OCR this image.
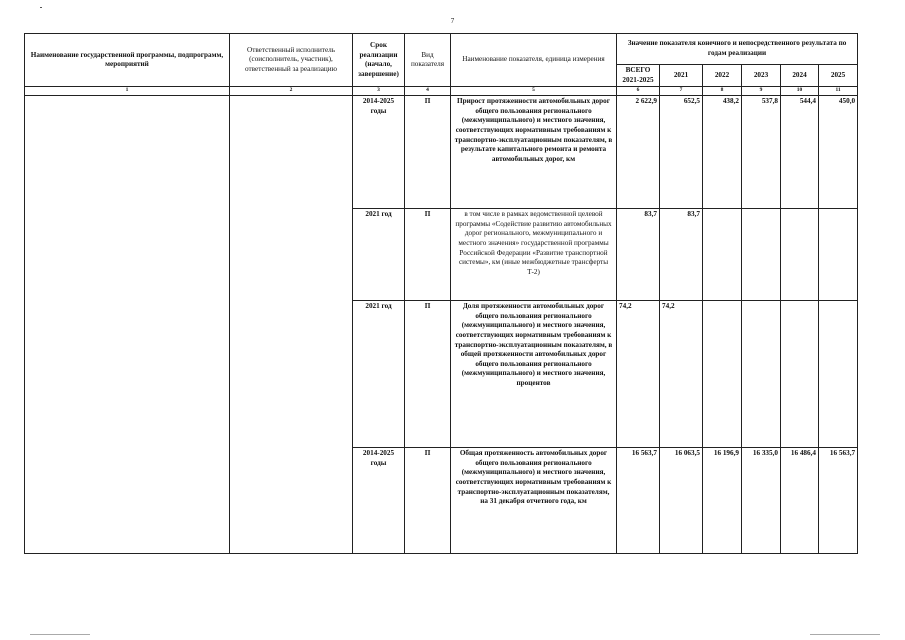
7
Наименование государственной программы, подпрограмм, мероприятий	Ответственный исполнитель (соисполнитель, участник), ответственный за реализацию	Срок реализации (начало, завершение)	Вид показателя	Наименование показателя, единица измерения	Значение показателя конечного и непосредственного результата по годам реализации					
					ВСЕГО 2021-2025	2021	2022	2023	2024	2025
1	2	3	4	5	6	7	8	9	10	11
		2014-2025 годы	П	Прирост протяженности автомобильных дорог общего пользования регионального (межмуниципального) и местного значения, соответствующих нормативным требованиям к транспортно-эксплуатационным показателям, в результате капитального ремонта и ремонта автомобильных дорог, км	2 622,9	652,5	438,2	537,8	544,4	450,0
		2021 год	П	в том числе в рамках ведомственной целевой программы «Содействие развитию автомобильных дорог регионального, межмуниципального и местного значения» государственной программы Российской Федерации «Развитие транспортной системы», км (иные межбюджетные трансферты Т-2)	83,7	83,7				
		2021 год	П	Доля протяженности автомобильных дорог общего пользования регионального (межмуниципального) и местного значения, соответствующих нормативным требованиям к транспортно-эксплуатационным показателям, в общей протяженности автомобильных дорог общего пользования регионального (межмуниципального) и местного значения, процентов	74,2	74,2				
		2014-2025 годы	П	Общая протяженность автомобильных дорог общего пользования регионального (межмуниципального) и местного значения, соответствующих нормативным требованиям к транспортно-эксплуатационным показателям, на 31 декабря отчетного года, км	16 563,7	16 063,5	16 196,9	16 335,0	16 486,4	16 563,7
